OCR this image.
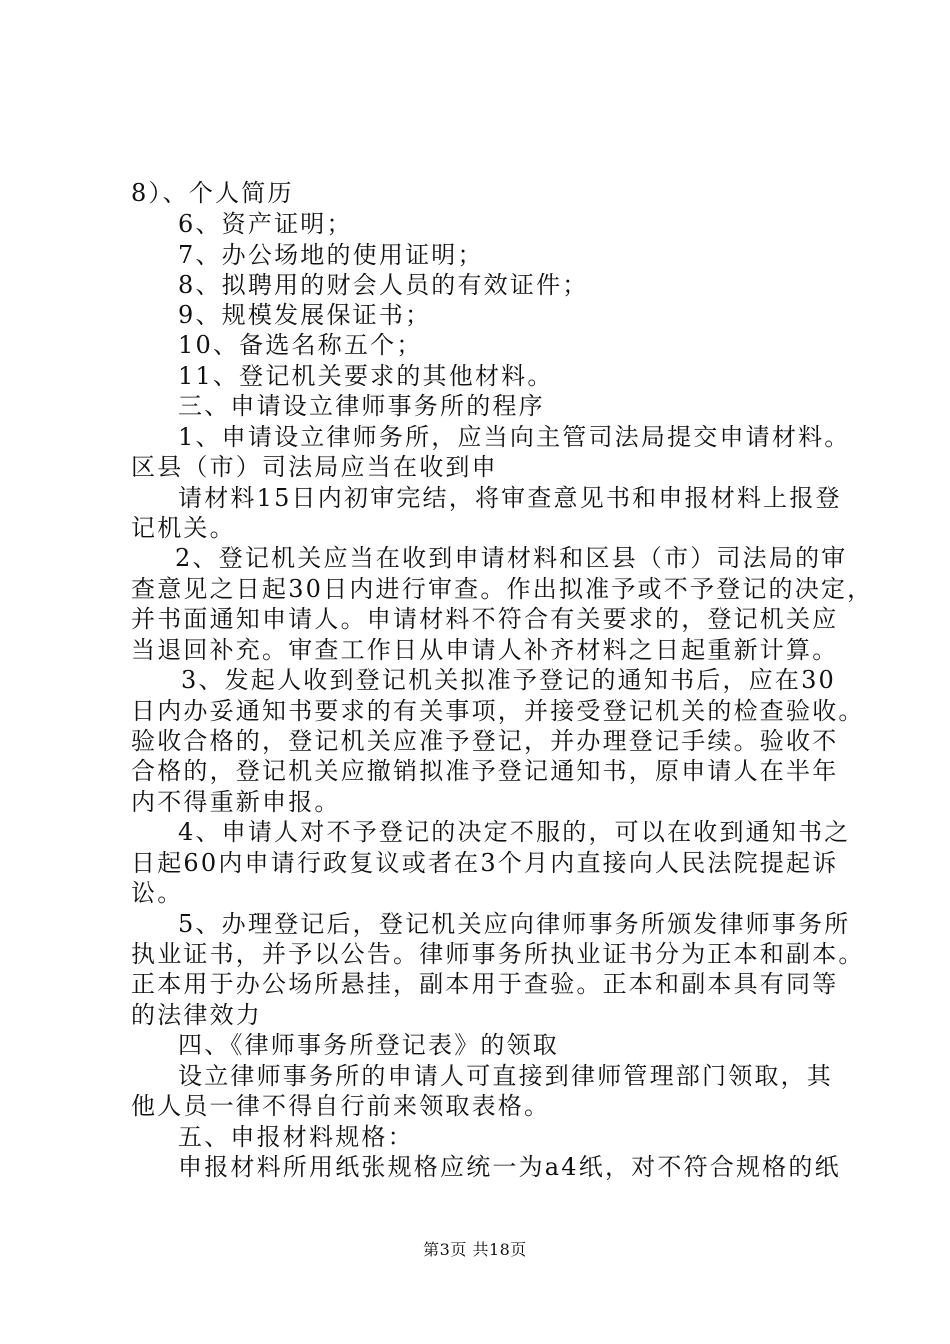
8）、个人简历
6、资产证明；
7、办公场地的使用证明；
8、拟聘用的财会人员的有效证件；
9、规模发展保证书；
10、备选名称五个；
11、登记机关要求的其他材料。
三、申请设立律师事务所的程序
1、申请设立律师务所，应当向主管司法局提交申请材料。
区县（市）司法局应当在收到申
请材料15日内初审完结，将审查意见书和申报材料上报登
记机关。
2、登记机关应当在收到申请材料和区县（市）司法局的审
查意见之日起30日内进行审查。作出拟准予或不予登记的决定，
并书面通知申请人。申请材料不符合有关要求的，登记机关应
当退回补充。审查工作日从申请人补齐材料之日起重新计算。
3、发起人收到登记机关拟准予登记的通知书后，应在30
日内办妥通知书要求的有关事项，并接受登记机关的检查验收。
验收合格的，登记机关应准予登记，并办理登记手续。验收不
合格的，登记机关应撤销拟准予登记通知书，原申请人在半年
内不得重新申报。
4、申请人对不予登记的决定不服的，可以在收到通知书之
日起60内申请行政复议或者在3个月内直接向人民法院提起诉
讼。
5、办理登记后，登记机关应向律师事务所颁发律师事务所
执业证书，并予以公告。律师事务所执业证书分为正本和副本。
正本用于办公场所悬挂，副本用于查验。正本和副本具有同等
的法律效力
四、《律师事务所登记表》的领取
设立律师事务所的申请人可直接到律师管理部门领取，其
他人员一律不得自行前来领取表格。
五、申报材料规格：
申报材料所用纸张规格应统一为a4纸，对不符合规格的纸
第3页 共18页
